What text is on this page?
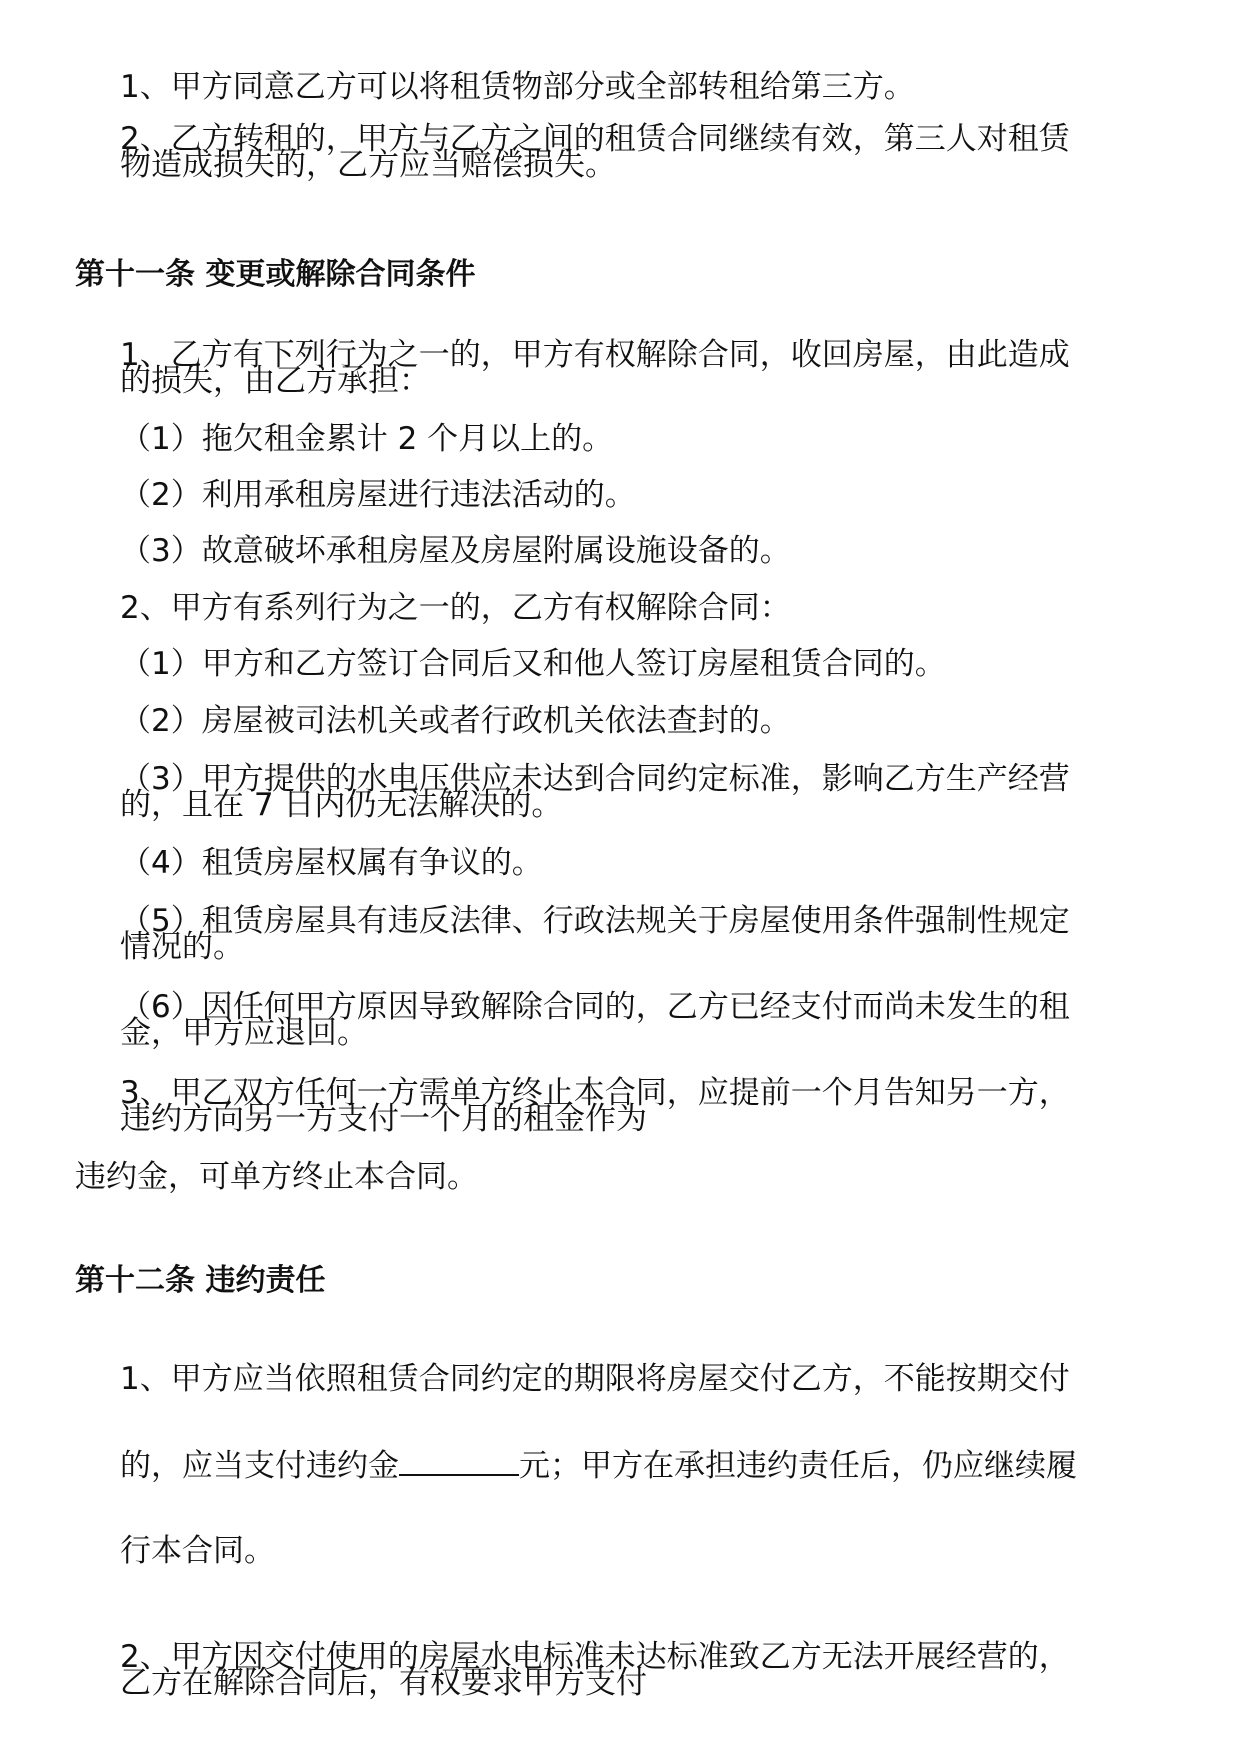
1、甲方同意乙方可以将租赁物部分或全部转租给第三方。
2、乙方转租的，甲方与乙方之间的租赁合同继续有效，第三人对租赁
物造成损失的，乙方应当赔偿损失。
第十一条 变更或解除合同条件
1、乙方有下列行为之一的，甲方有权解除合同，收回房屋，由此造成
的损失，由乙方承担：
（1）拖欠租金累计 2 个月以上的。
（2）利用承租房屋进行违法活动的。
（3）故意破坏承租房屋及房屋附属设施设备的。
2、甲方有系列行为之一的，乙方有权解除合同：
（1）甲方和乙方签订合同后又和他人签订房屋租赁合同的。
（2）房屋被司法机关或者行政机关依法查封的。
（3）甲方提供的水电压供应未达到合同约定标准，影响乙方生产经营
的，且在 7 日内仍无法解决的。
（4）租赁房屋权属有争议的。
（5）租赁房屋具有违反法律、行政法规关于房屋使用条件强制性规定
情况的。
（6）因任何甲方原因导致解除合同的，乙方已经支付而尚未发生的租
金，甲方应退回。
3、甲乙双方任何一方需单方终止本合同，应提前一个月告知另一方，
违约方向另一方支付一个月的租金作为
违约金，可单方终止本合同。
第十二条 违约责任
1、甲方应当依照租赁合同约定的期限将房屋交付乙方，不能按期交付
的，应当支付违约金	元；甲方在承担违约责任后，仍应继续履
行本合同。
2、甲方因交付使用的房屋水电标准未达标准致乙方无法开展经营的，
乙方在解除合同后，有权要求甲方支付
